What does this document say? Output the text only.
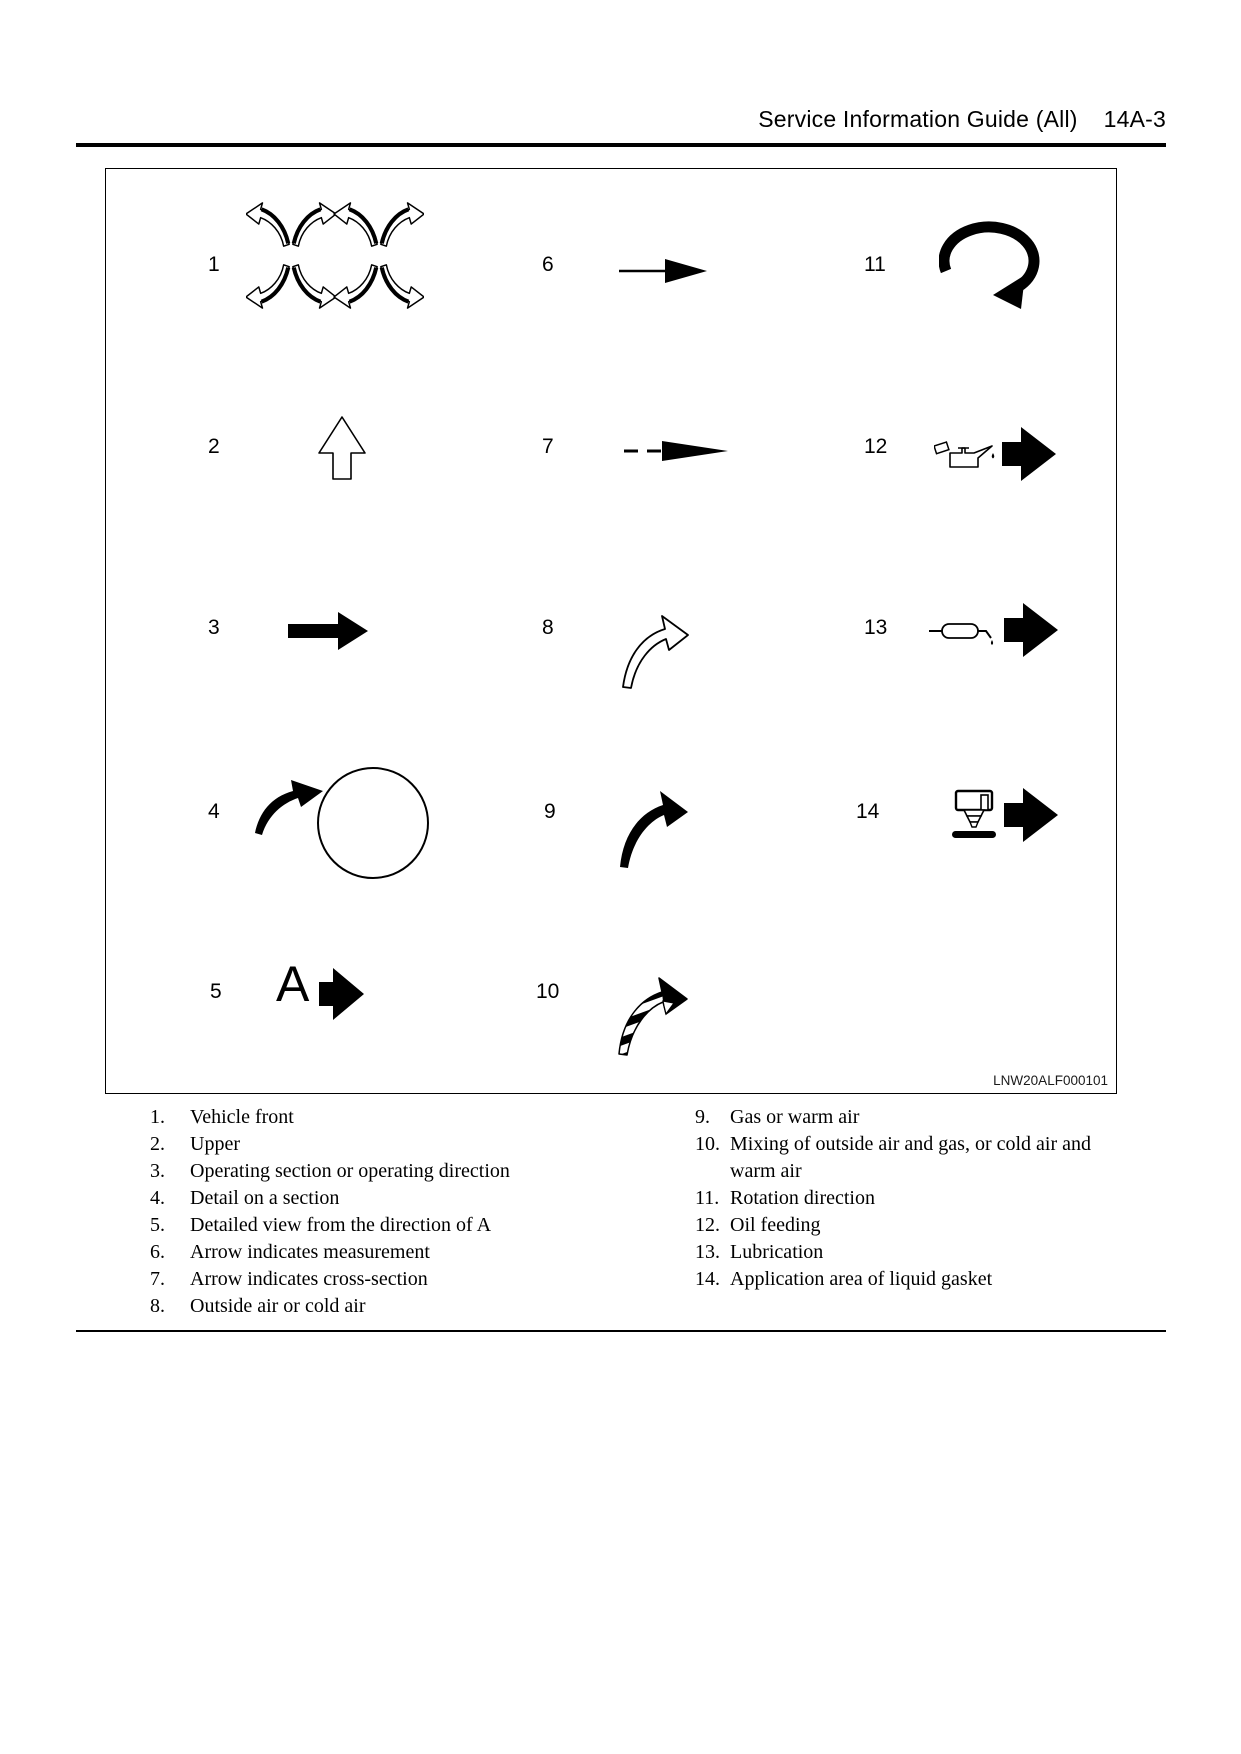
Service Information Guide (All) 14A-3
1
2
3
4
5
6
7
8
9
10
11
12
13
14
A
LNW20ALF000101
1.	Vehicle front
2.	Upper
3.	Operating section or operating direction
4.	Detail on a section
5.	Detailed view from the direction of A
6.	Arrow indicates measurement
7.	Arrow indicates cross-section
8.	Outside air or cold air
9.	Gas or warm air
10. Mixing of outside air and gas, or cold air and warm air
11. Rotation direction
12. Oil feeding
13. Lubrication
14. Application area of liquid gasket
